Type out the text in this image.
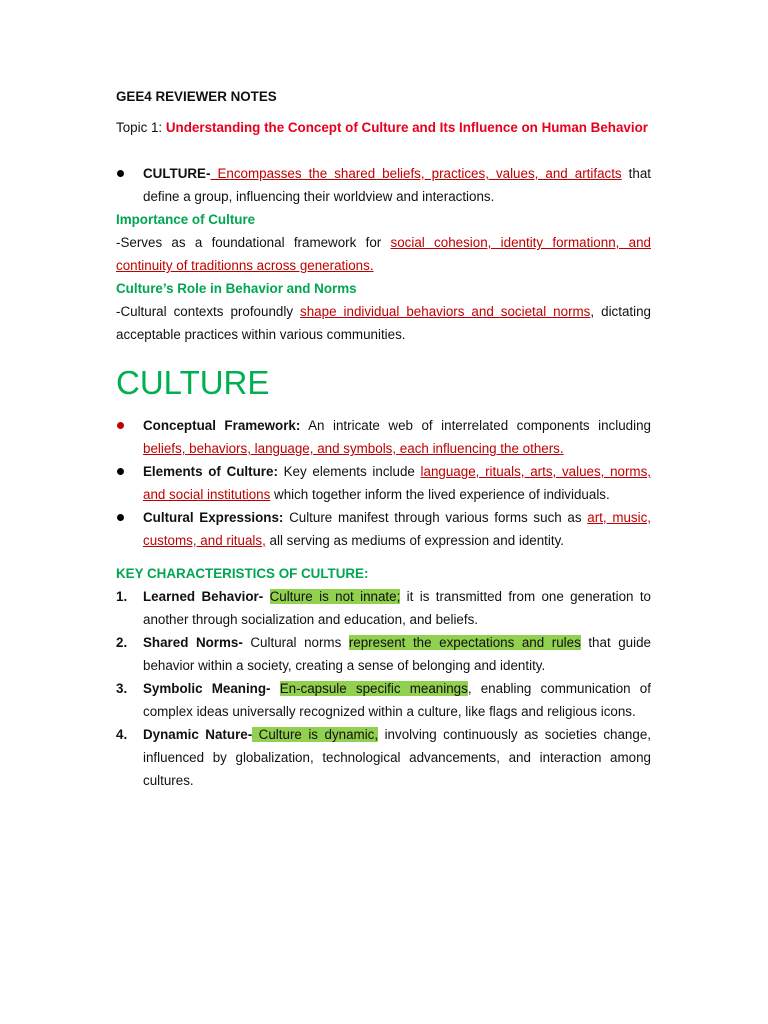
GEE4 REVIEWER NOTES

Topic 1: Understanding the Concept of Culture and Its Influence on Human Behavior

CULTURE- Encompasses the shared beliefs, practices, values, and artifacts that define a group, influencing their worldview and interactions.

Importance of Culture

-Serves as a foundational framework for social cohesion, identity formationn, and continuity of traditionns across generations.

Culture’s Role in Behavior and Norms

-Cultural contexts profoundly shape individual behaviors and societal norms, dictating acceptable practices within various communities.

CULTURE

Conceptual Framework: An intricate web of interrelated components including beliefs, behaviors, language, and symbols, each influencing the others.
Elements of Culture: Key elements include language, rituals, arts, values, norms, and social institutions which together inform the lived experience of individuals.
Cultural Expressions: Culture manifest through various forms such as art, music, customs, and rituals, all serving as mediums of expression and identity.

KEY CHARACTERISTICS OF CULTURE:

1. Learned Behavior- Culture is not innate; it is transmitted from one generation to another through socialization and education, and beliefs.
2. Shared Norms- Cultural norms represent the expectations and rules that guide behavior within a society, creating a sense of belonging and identity.
3. Symbolic Meaning- En-capsule specific meanings, enabling communication of complex ideas universally recognized within a culture, like flags and religious icons.
4. Dynamic Nature- Culture is dynamic, involving continuously as societies change, influenced by globalization, technological advancements, and interaction among cultures.
